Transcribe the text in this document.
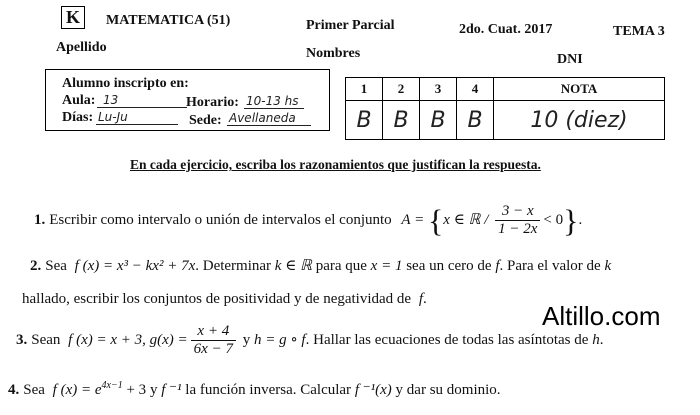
K	MATEMATICA (51)	Primer Parcial	2do. Cuat. 2017	TEMA 3
Apellido	Nombres	DNI
Alumno inscripto en:
Aula: 13	Horario: 10-13 hs
Días: Lu-Ju	Sede: Avellaneda
1	2	3	4	NOTA
B	B	B	B	10 (diez)
En cada ejercicio, escriba los razonamientos que justifican la respuesta.
1. Escribir como intervalo o unión de intervalos el conjunto A = {x ∈ ℝ / $\frac{3 - x}{1 - 2x} < 0$}.
2. Sea f (x) = x³ − kx² + 7x. Determinar k ∈ ℝ para que x = 1 sea un cero de f. Para el valor de k
hallado, escribir los conjuntos de positividad y de negatividad de f.
3. Sean f (x) = x + 3, $g(x) = \frac{x + 4}{6x - 7}$ y h = g ∘ f. Hallar las ecuaciones de todas las asíntotas de h.
4. Sea f $(x) = e^{4x-1} + 3$ y f ⁻¹ la función inversa. Calcular f ⁻¹(x) y dar su dominio.
Altillo.com
